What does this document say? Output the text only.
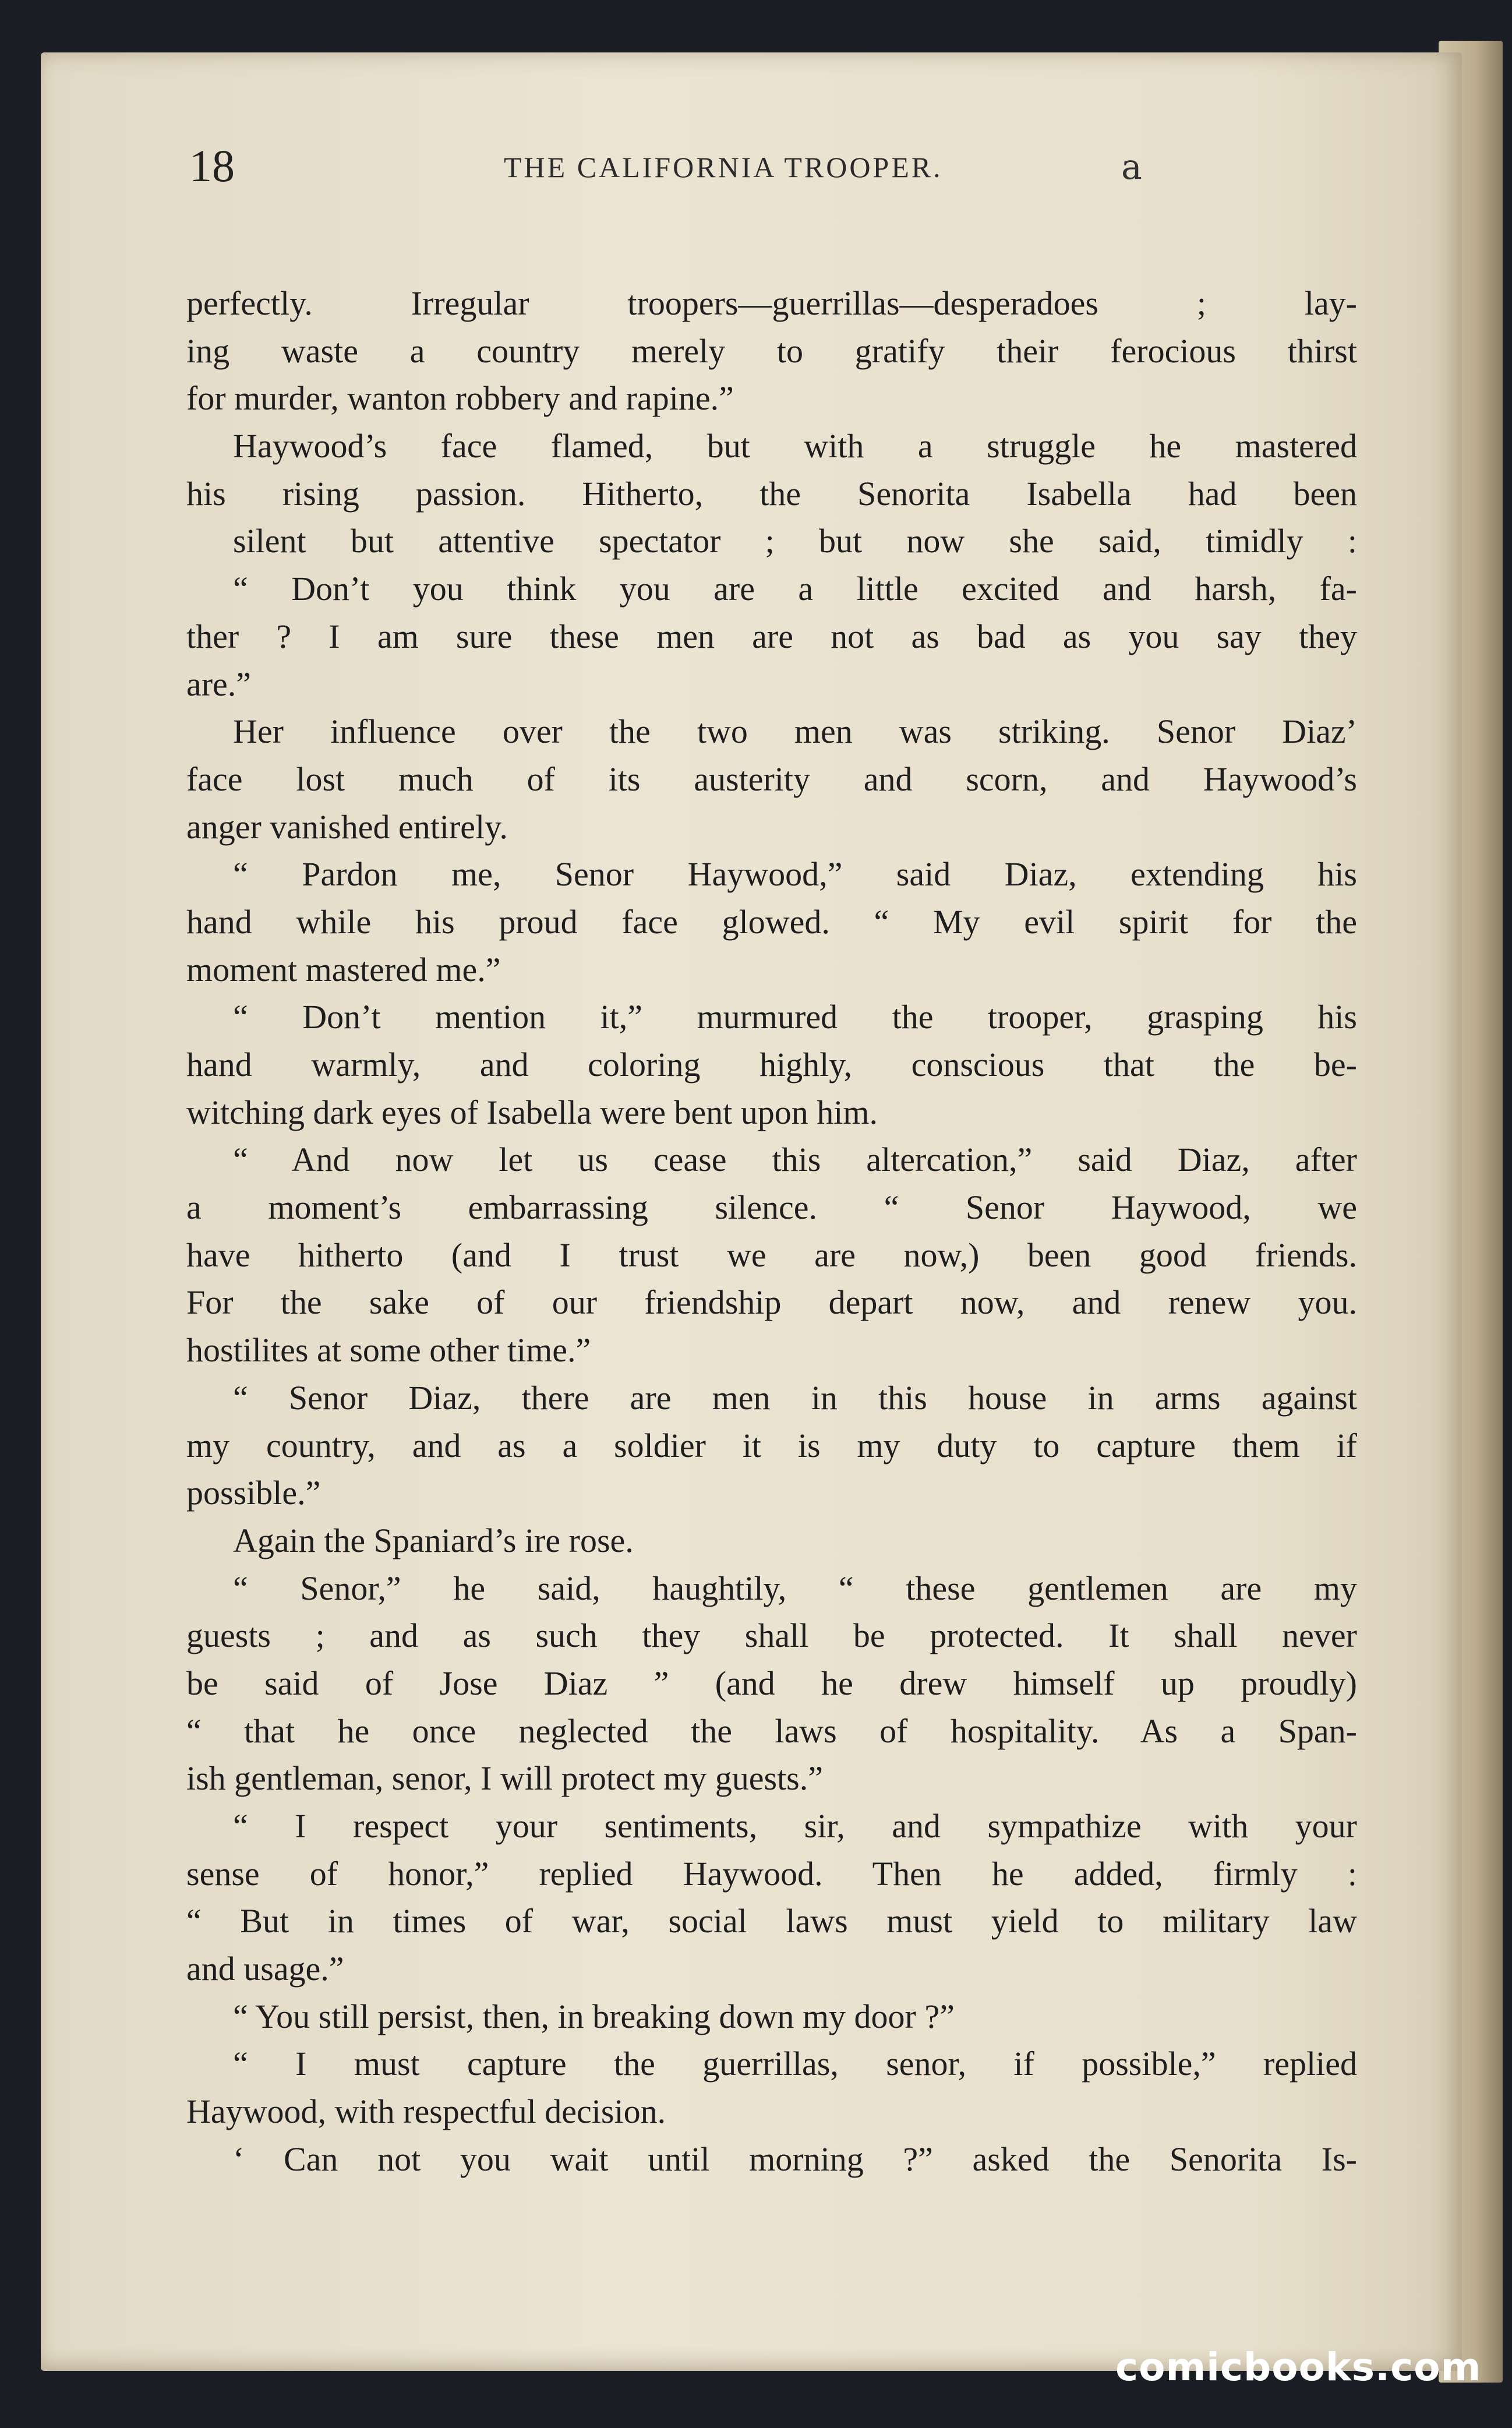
18	THE CALIFORNIA TROOPER.	a
perfectly. Irregular troopers—guerrillas—desperadoes ; lay-
ing waste a country merely to gratify their ferocious thirst
for murder, wanton robbery and rapine.”
Haywood’s face flamed, but with a struggle he mastered
his rising passion. Hitherto, the Senorita Isabella had been
silent but attentive spectator ; but now she said, timidly :
“ Don’t you think you are a little excited and harsh, fa-
ther ? I am sure these men are not as bad as you say they
are.”
Her influence over the two men was striking. Senor Diaz’
face lost much of its austerity and scorn, and Haywood’s
anger vanished entirely.
“ Pardon me, Senor Haywood,” said Diaz, extending his
hand while his proud face glowed. “ My evil spirit for the
moment mastered me.”
“ Don’t mention it,” murmured the trooper, grasping his
hand warmly, and coloring highly, conscious that the be-
witching dark eyes of Isabella were bent upon him.
“ And now let us cease this altercation,” said Diaz, after
a moment’s embarrassing silence. “ Senor Haywood, we
have hitherto (and I trust we are now,) been good friends.
For the sake of our friendship depart now, and renew you.
hostilites at some other time.”
“ Senor Diaz, there are men in this house in arms against
my country, and as a soldier it is my duty to capture them if
possible.”
Again the Spaniard’s ire rose.
“ Senor,” he said, haughtily, “ these gentlemen are my
guests ; and as such they shall be protected. It shall never
be said of Jose Diaz ” (and he drew himself up proudly)
“ that he once neglected the laws of hospitality. As a Span-
ish gentleman, senor, I will protect my guests.”
“ I respect your sentiments, sir, and sympathize with your
sense of honor,” replied Haywood. Then he added, firmly :
“ But in times of war, social laws must yield to military law
and usage.”
“ You still persist, then, in breaking down my door ?”
“ I must capture the guerrillas, senor, if possible,” replied
Haywood, with respectful decision.
‘ Can not you wait until morning ?” asked the Senorita Is-
comicbooks.com
